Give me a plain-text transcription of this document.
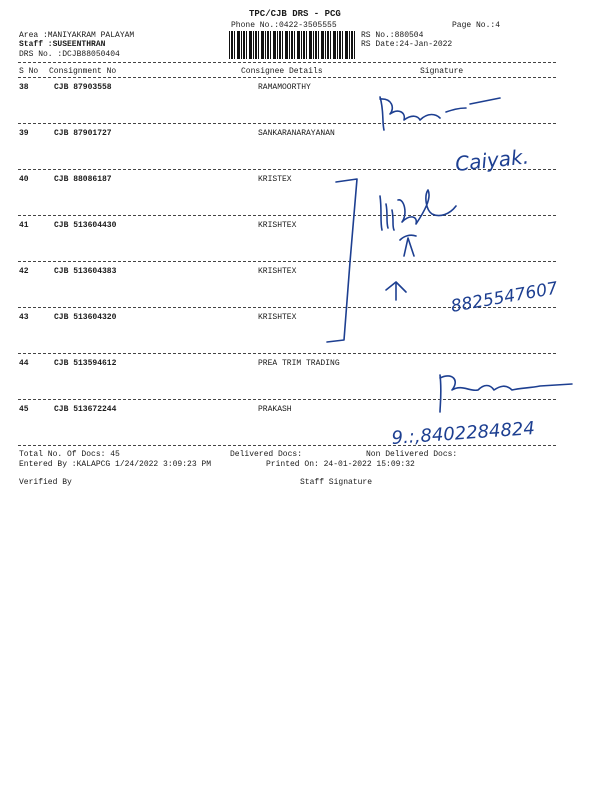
TPC/CJB DRS - PCG
Phone No.:0422-3505555	Page No.:4
Area :MANIYAKRAM PALAYAM
Staff :SUSEENTHRAN
DRS No. :DCJB88050404
RS No.:880504
RS Date:24-Jan-2022
S No Consignment No	Consignee Details	Signature
38	CJB 87903558	RAMAMOORTHY
39	CJB 87901727	SANKARANARAYANAN
40	CJB 88086187	KRISTEX
41	CJB 513604430	KRISHTEX
42	CJB 513604383	KRISHTEX
43	CJB 513604320	KRISHTEX
44	CJB 513594612	PREA TRIM TRADING
45	CJB 513672244	PRAKASH
Total No. Of Docs: 45	Delivered Docs:	Non Delivered Docs:
Entered By :KALAPCG 1/24/2022 3:09:23 PM	Printed On: 24-01-2022 15:09:32
Verified By	Staff Signature
Caiyak.
8825547607
9.:,8402284824
